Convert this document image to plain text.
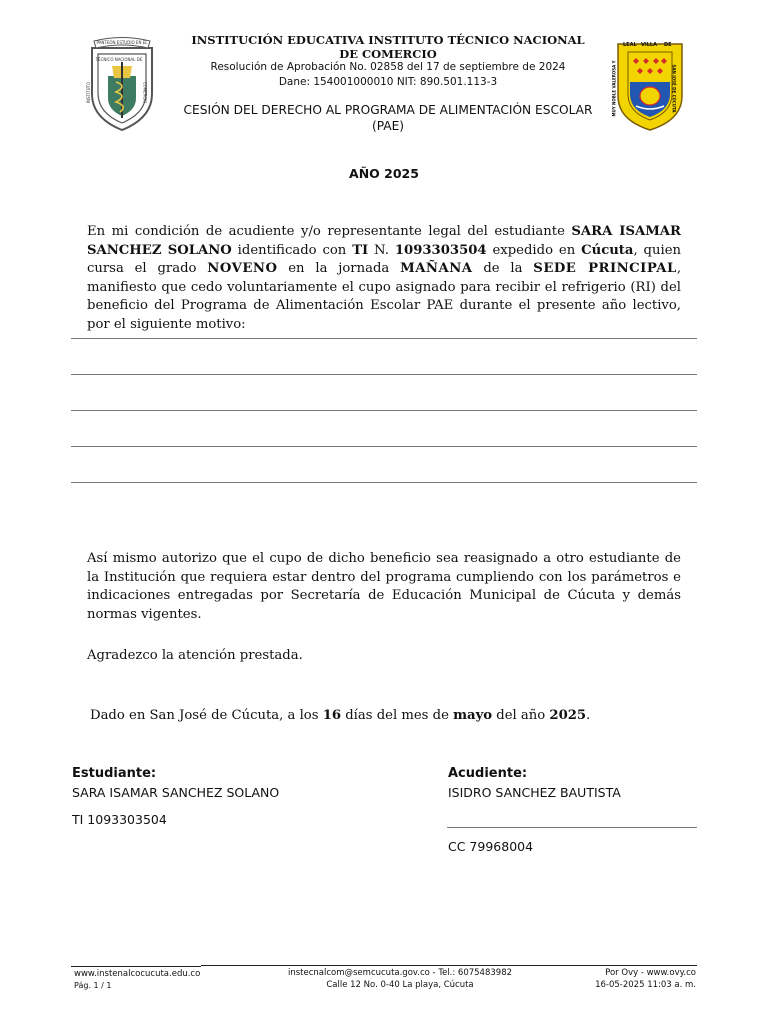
PANTEÓN ESTUDIO EN EL
INSTITUTO
TÉCNICO NACIONAL DE
COMERCIO
LEAL VILLA DE
SAN JOSÉ DE CÚCUTA
MUY NOBLE VALEROSA Y
INSTITUCIÓN EDUCATIVA INSTITUTO TÉCNICO NACIONAL DE COMERCIO
Resolución de Aprobación No. 02858 del 17 de septiembre de 2024
Dane: 154001000010 NIT: 890.501.113-3
CESIÓN DEL DERECHO AL PROGRAMA DE ALIMENTACIÓN ESCOLAR (PAE)
AÑO 2025
En mi condición de acudiente y/o representante legal del estudiante SARA ISAMAR SANCHEZ SOLANO identificado con TI N. 1093303504 expedido en Cúcuta, quien cursa el grado NOVENO en la jornada MAÑANA de la SEDE PRINCIPAL, manifiesto que cedo voluntariamente el cupo asignado para recibir el refrigerio (RI) del beneficio del Programa de Alimentación Escolar PAE durante el presente año lectivo, por el siguiente motivo:
Así mismo autorizo que el cupo de dicho beneficio sea reasignado a otro estudiante de la Institución que requiera estar dentro del programa cumpliendo con los parámetros e indicaciones entregadas por Secretaría de Educación Municipal de Cúcuta y demás normas vigentes.
Agradezco la atención prestada.
Dado en San José de Cúcuta, a los 16 días del mes de mayo del año 2025.
Estudiante:
SARA ISAMAR SANCHEZ SOLANO
TI 1093303504
Acudiente:
ISIDRO SANCHEZ BAUTISTA
CC 79968004
www.instenalcocucuta.edu.co
Pág. 1 / 1
instecnalcom@semcucuta.gov.co - Tel.: 6075483982
Calle 12 No. 0-40 La playa, Cúcuta
Por Ovy - www.ovy.co
16-05-2025 11:03 a. m.
